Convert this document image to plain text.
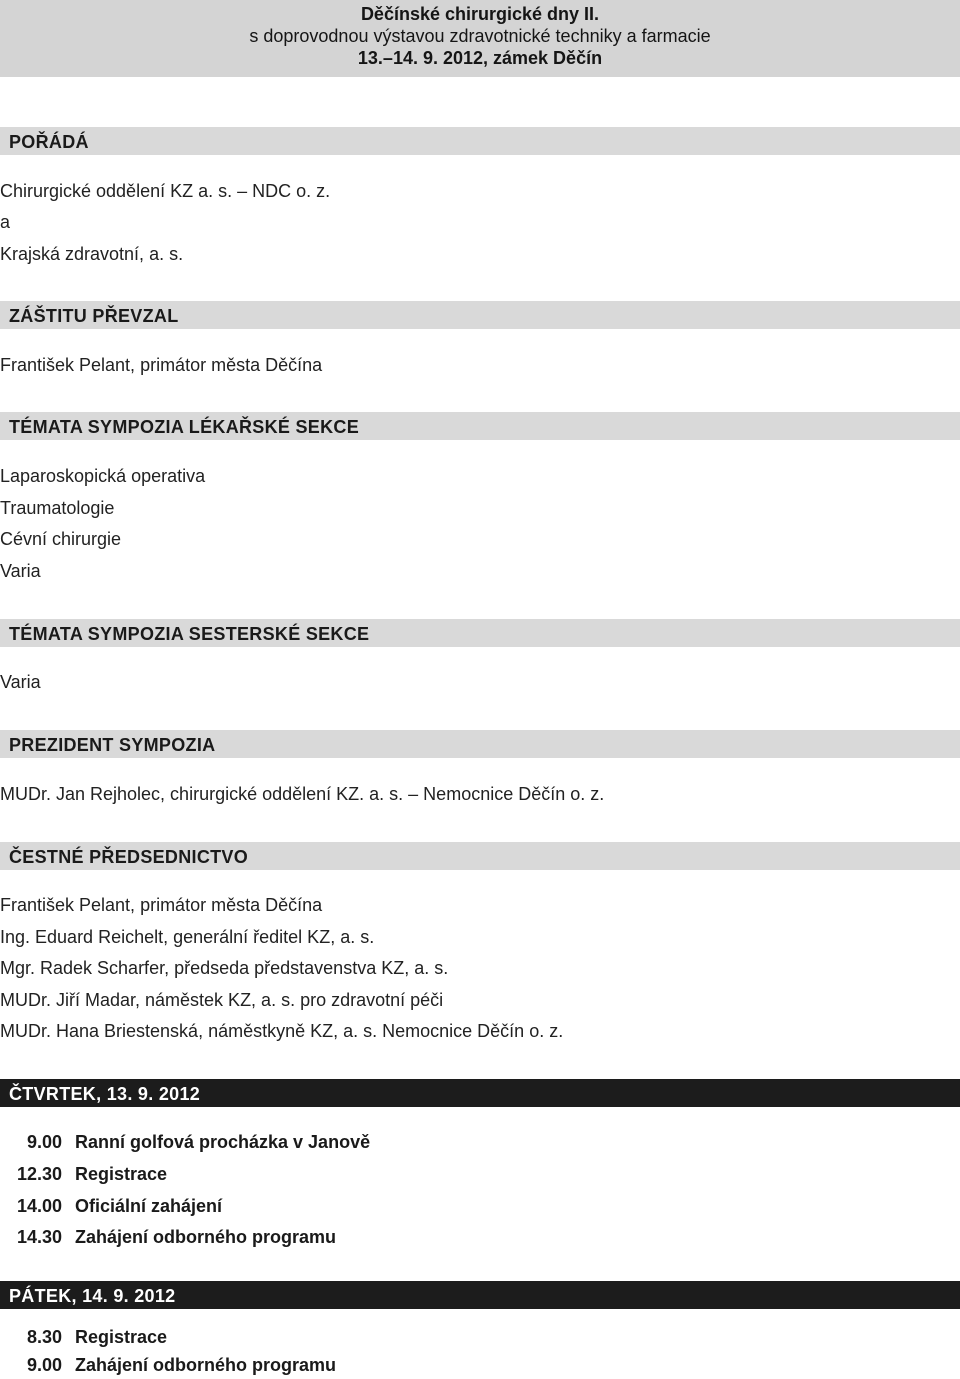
Děčínské chirurgické dny II.
s doprovodnou výstavou zdravotnické techniky a farmacie
13.–14. 9. 2012, zámek Děčín
POŘÁDÁ
Chirurgické oddělení KZ a. s. – NDC o. z.
a
Krajská zdravotní, a. s.
ZÁŠTITU PŘEVZAL
František Pelant, primátor města Děčína
TÉMATA SYMPOZIA LÉKAŘSKÉ SEKCE
Laparoskopická operativa
Traumatologie
Cévní chirurgie
Varia
TÉMATA SYMPOZIA SESTERSKÉ SEKCE
Varia
PREZIDENT SYMPOZIA
MUDr. Jan Rejholec, chirurgické oddělení KZ. a. s. – Nemocnice Děčín o. z.
ČESTNÉ PŘEDSEDNICTVO
František Pelant, primátor města Děčína
Ing. Eduard Reichelt, generální ředitel KZ, a. s.
Mgr. Radek Scharfer, předseda představenstva KZ, a. s.
MUDr. Jiří Madar, náměstek KZ, a. s. pro zdravotní péči
MUDr. Hana Briestenská, náměstkyně KZ, a. s. Nemocnice Děčín o. z.
ČTVRTEK, 13. 9. 2012
9.00 Ranní golfová procházka v Janově
12.30 Registrace
14.00 Oficiální zahájení
14.30 Zahájení odborného programu
PÁTEK, 14. 9. 2012
8.30 Registrace
9.00 Zahájení odborného programu
